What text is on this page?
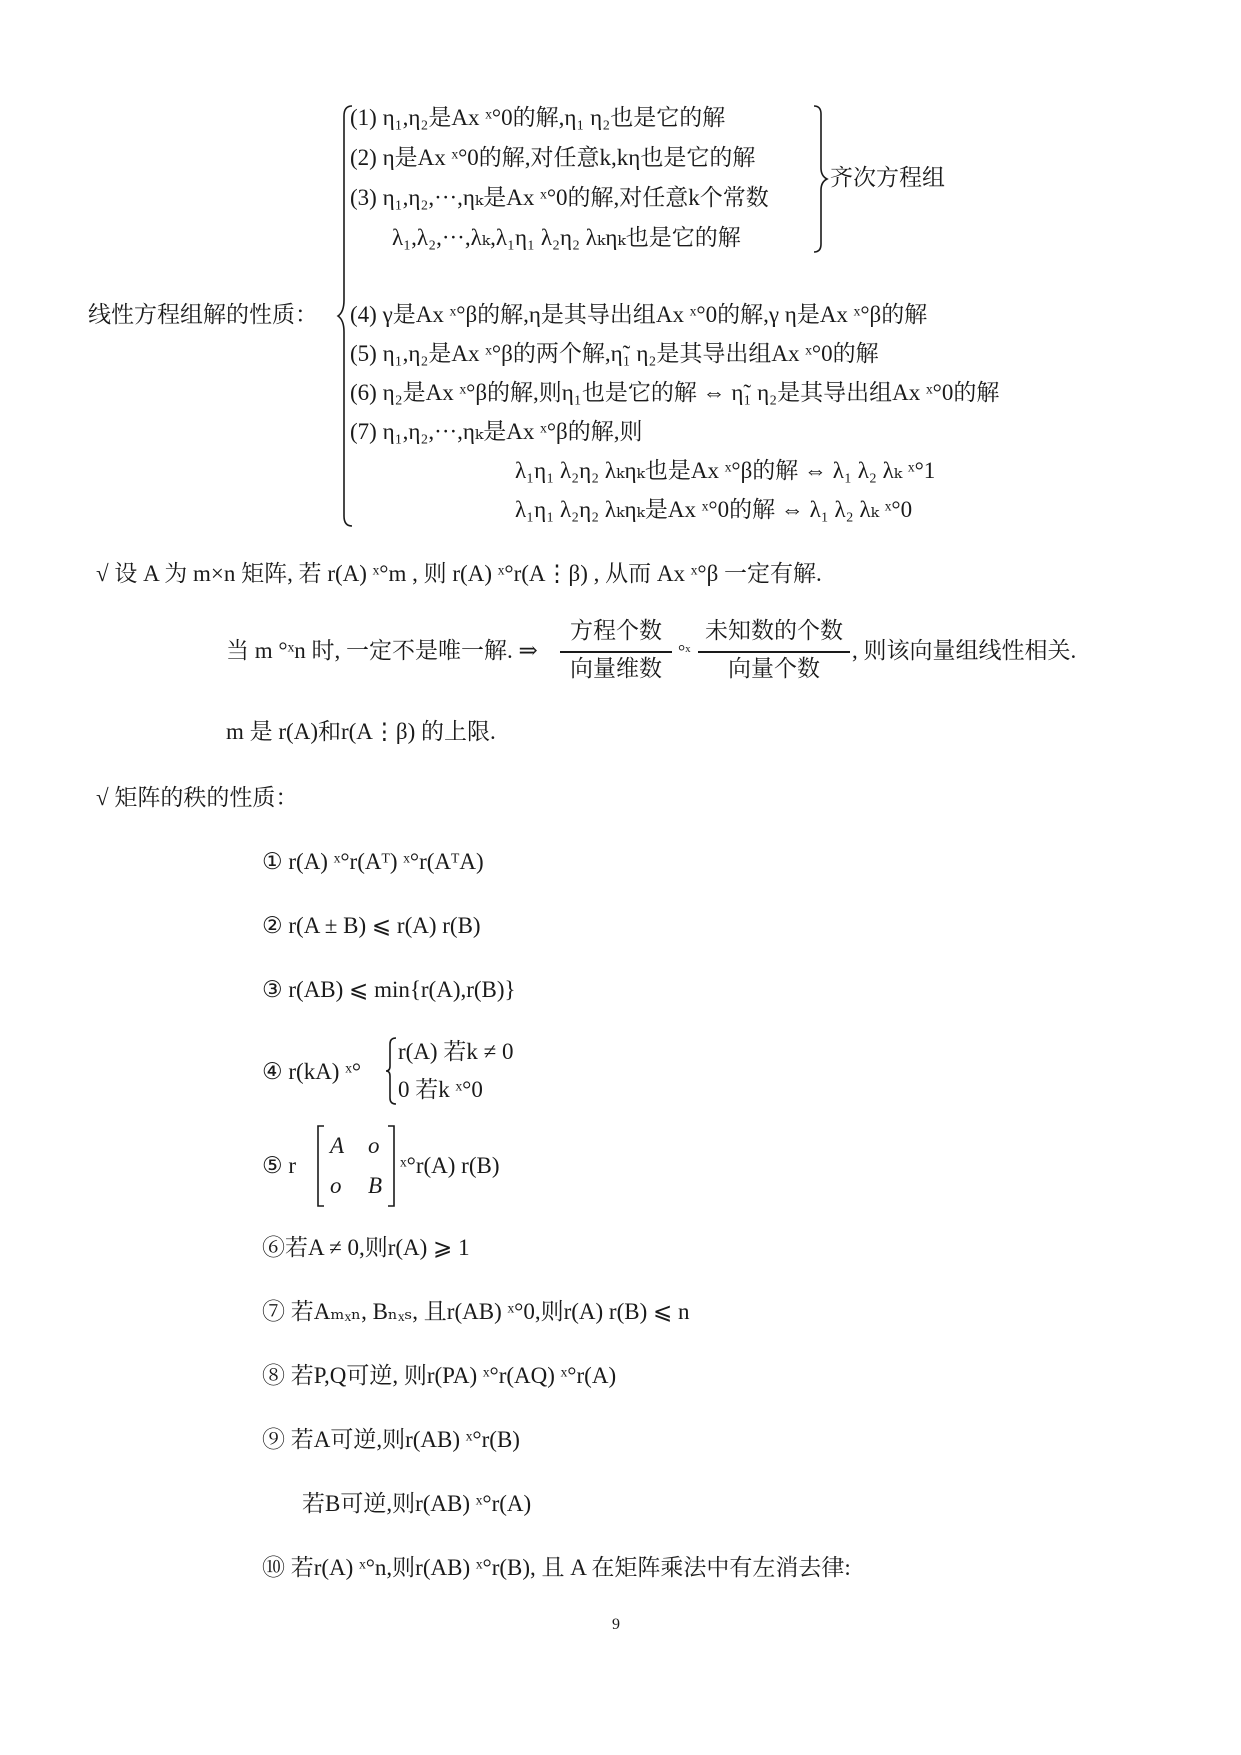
线性方程组解的性质：
(1) η₁,η₂是Ax ˣ°0的解,η₁ η₂也是它的解
(2) η是Ax ˣ°0的解,对任意k,kη也是它的解
(3) η₁,η₂,···,ηₖ是Ax ˣ°0的解,对任意k个常数
λ₁,λ₂,···,λₖ,λ₁η₁ λ₂η₂ λₖηₖ也是它的解
齐次方程组
(4) γ是Ax ˣ°β的解,η是其导出组Ax ˣ°0的解,γ η是Ax ˣ°β的解
(5) η₁,η₂是Ax ˣ°β的两个解,η̃₁ η₂是其导出组Ax ˣ°0的解
(6) η₂是Ax ˣ°β的解,则η₁也是它的解 ⇔ η̃₁ η₂是其导出组Ax ˣ°0的解
(7) η₁,η₂,···,ηₖ是Ax ˣ°β的解,则
λ₁η₁ λ₂η₂ λₖηₖ也是Ax ˣ°β的解 ⇔ λ₁ λ₂ λₖ ˣ°1
λ₁η₁ λ₂η₂ λₖηₖ是Ax ˣ°0的解 ⇔ λ₁ λ₂ λₖ ˣ°0
√ 设 A 为 m×n 矩阵, 若 r(A) ˣ°m , 则 r(A) ˣ°r(A⋮β) , 从而 Ax ˣ°β 一定有解.
当 m °ˣn 时, 一定不是唯一解. ⇒
方程个数
向量维数
°ˣ
未知数的个数
向量个数
, 则该向量组线性相关.
m 是 r(A)和r(A⋮β) 的上限.
√ 矩阵的秩的性质：
① r(A) ˣ°r(Aᵀ) ˣ°r(AᵀA)
② r(A ± B) ⩽ r(A) r(B)
③ r(AB) ⩽ min{r(A),r(B)}
④ r(kA) ˣ°
r(A) 若k ≠ 0
0 若k ˣ°0
⑤ r
A o
o B
ˣ°r(A) r(B)
⑥若A ≠ 0,则r(A) ⩾ 1
⑦ 若Aₘₓₙ, Bₙₓₛ, 且r(AB) ˣ°0,则r(A) r(B) ⩽ n
⑧ 若P,Q可逆, 则r(PA) ˣ°r(AQ) ˣ°r(A)
⑨ 若A可逆,则r(AB) ˣ°r(B)
若B可逆,则r(AB) ˣ°r(A)
⑩ 若r(A) ˣ°n,则r(AB) ˣ°r(B), 且 A 在矩阵乘法中有左消去律:
9
